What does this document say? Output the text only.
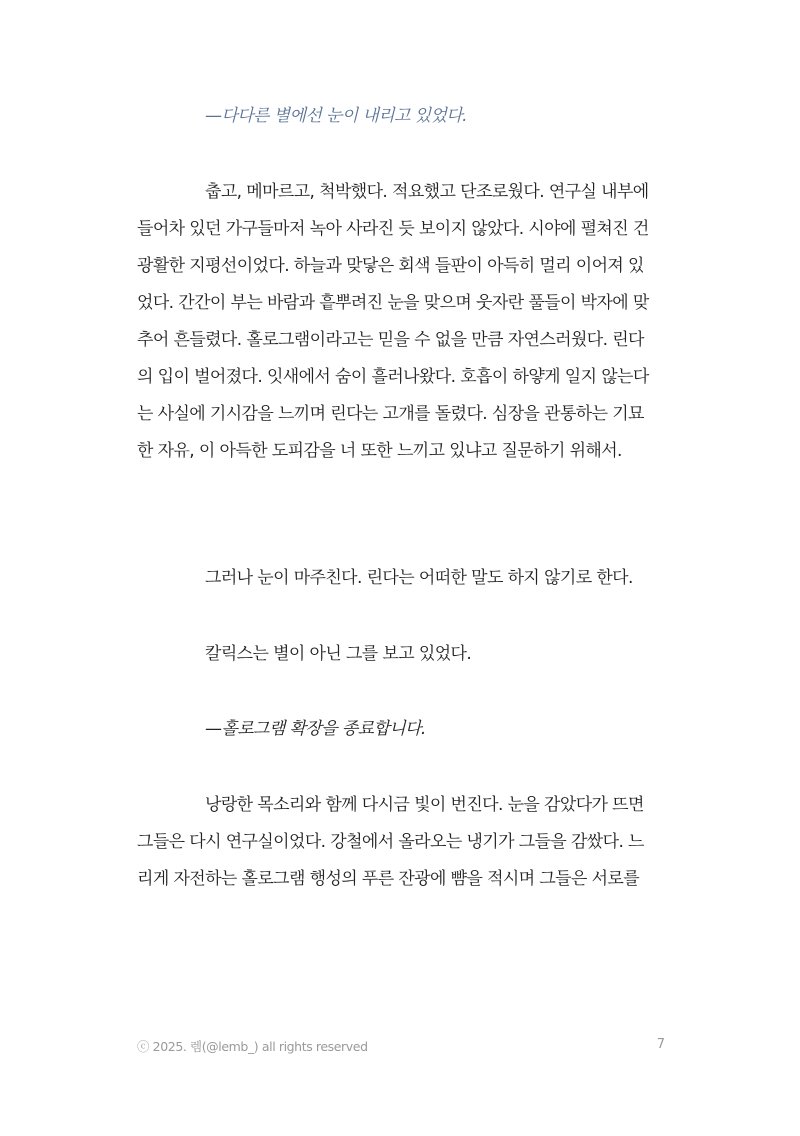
—다다른 별에선 눈이 내리고 있었다.
춥고, 메마르고, 척박했다. 적요했고 단조로웠다. 연구실 내부에
들어차 있던 가구들마저 녹아 사라진 듯 보이지 않았다. 시야에 펼쳐진 건
광활한 지평선이었다. 하늘과 맞닿은 회색 들판이 아득히 멀리 이어져 있
었다. 간간이 부는 바람과 흩뿌려진 눈을 맞으며 웃자란 풀들이 박자에 맞
추어 흔들렸다. 홀로그램이라고는 믿을 수 없을 만큼 자연스러웠다. 린다
의 입이 벌어졌다. 잇새에서 숨이 흘러나왔다. 호흡이 하얗게 일지 않는다
는 사실에 기시감을 느끼며 린다는 고개를 돌렸다. 심장을 관통하는 기묘
한 자유, 이 아득한 도피감을 너 또한 느끼고 있냐고 질문하기 위해서.
그러나 눈이 마주친다. 린다는 어떠한 말도 하지 않기로 한다.
칼릭스는 별이 아닌 그를 보고 있었다.
—홀로그램 확장을 종료합니다.
낭랑한 목소리와 함께 다시금 빛이 번진다. 눈을 감았다가 뜨면
그들은 다시 연구실이었다. 강철에서 올라오는 냉기가 그들을 감쌌다. 느
리게 자전하는 홀로그램 행성의 푸른 잔광에 뺨을 적시며 그들은 서로를
ⓒ 2025. 렘(@lemb_) all rights reserved	7
